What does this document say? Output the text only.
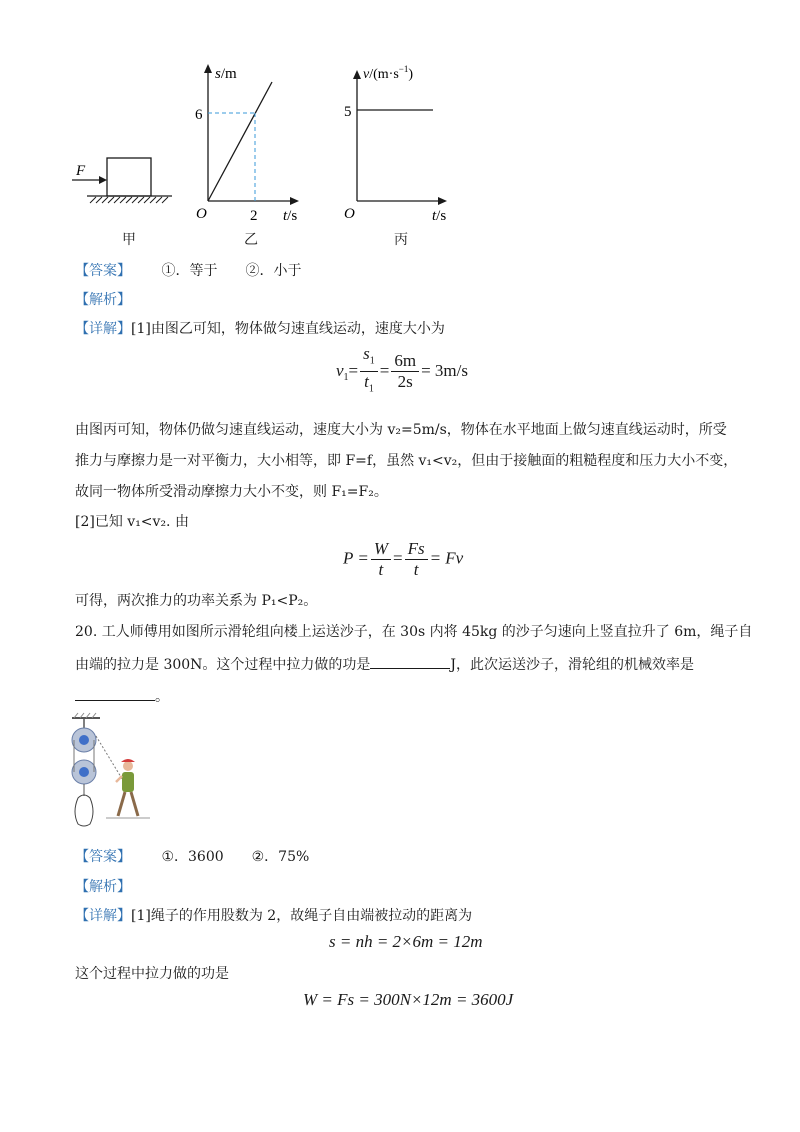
F
s/m
6
O	2 t/s
$v/(m\cdot s^{-1})$
5
O	t/s
甲	乙	丙
【答案】 ①．等于　　②．小于
【解析】
【详解】[1]由图乙可知，物体做匀速直线运动，速度大小为
$v_1= \frac{s_1}{t_1} = \frac{6m}{2s} = 3m/s$
由图丙可知，物体仍做匀速直线运动，速度大小为 v₂=5m/s，物体在水平地面上做匀速直线运动时，所受
推力与摩擦力是一对平衡力，大小相等，即 F=f，虽然 v₁<v₂，但由于接触面的粗糙程度和压力大小不变，
故同一物体所受滑动摩擦力大小不变，则 F₁=F₂。
[2]已知 v₁<v₂. 由
$P = \frac{W}{t} = \frac{Fs}{t} = Fv$
可得，两次推力的功率关系为 P₁<P₂。
20. 工人师傅用如图所示滑轮组向楼上运送沙子，在 30s 内将 45kg 的沙子匀速向上竖直拉升了 6m，绳子自
由端的拉力是 300N。这个过程中拉力做的功是	J，此次运送沙子，滑轮组的机械效率是
。
【答案】 ①．3600　　②．75%
【解析】
【详解】[1]绳子的作用股数为 2，故绳子自由端被拉动的距离为
s = nh = 2×6m = 12m
这个过程中拉力做的功是
W = Fs = 300N×12m = 3600J
